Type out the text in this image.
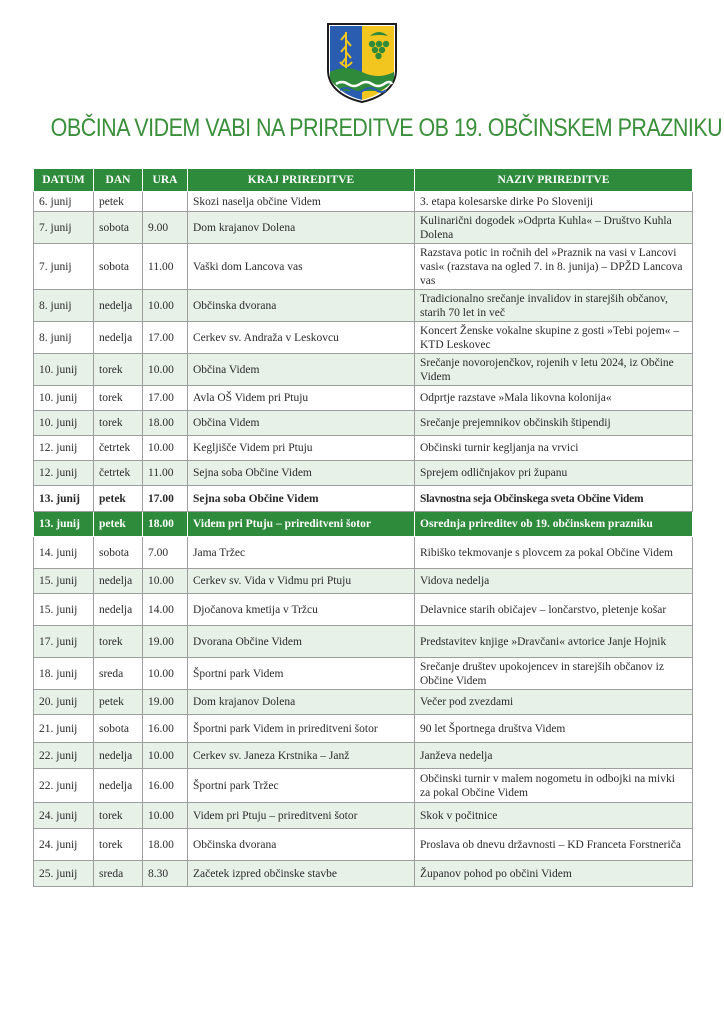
OBČINA VIDEM VABI NA PRIREDITVE OB 19. OBČINSKEM PRAZNIKU
DATUM	DAN	URA	KRAJ PRIREDITVE	NAZIV PRIREDITVE
6. junij	petek		Skozi naselja občine Videm	3. etapa kolesarske dirke Po Sloveniji
7. junij	sobota	9.00	Dom krajanov Dolena	Kulinarični dogodek »Odprta Kuhla« – Društvo Kuhla Dolena
7. junij	sobota	11.00	Vaški dom Lancova vas	Razstava potic in ročnih del »Praznik na vasi v Lancovi vasi« (razstava na ogled 7. in 8. junija) – DPŽD Lancova vas
8. junij	nedelja	10.00	Občinska dvorana	Tradicionalno srečanje invalidov in starejših občanov, starih 70 let in več
8. junij	nedelja	17.00	Cerkev sv. Andraža v Leskovcu	Koncert Ženske vokalne skupine z gosti »Tebi pojem« – KTD Leskovec
10. junij	torek	10.00	Občina Videm	Srečanje novorojenčkov, rojenih v letu 2024, iz Občine Videm
10. junij	torek	17.00	Avla OŠ Videm pri Ptuju	Odprtje razstave »Mala likovna kolonija«
10. junij	torek	18.00	Občina Videm	Srečanje prejemnikov občinskih štipendij
12. junij	četrtek	10.00	Kegljišče Videm pri Ptuju	Občinski turnir kegljanja na vrvici
12. junij	četrtek	11.00	Sejna soba Občine Videm	Sprejem odličnjakov pri županu
13. junij	petek	17.00	Sejna soba Občine Videm	Slavnostna seja Občinskega sveta Občine Videm
13. junij	petek	18.00	Videm pri Ptuju – prireditveni šotor	Osrednja prireditev ob 19. občinskem prazniku
14. junij	sobota	7.00	Jama Tržec	Ribiško tekmovanje s plovcem za pokal Občine Videm
15. junij	nedelja	10.00	Cerkev sv. Vida v Vidmu pri Ptuju	Vidova nedelja
15. junij	nedelja	14.00	Djočanova kmetija v Tržcu	Delavnice starih običajev – lončarstvo, pletenje košar
17. junij	torek	19.00	Dvorana Občine Videm	Predstavitev knjige »Dravčani« avtorice Janje Hojnik
18. junij	sreda	10.00	Športni park Videm	Srečanje društev upokojencev in starejših občanov iz Občine Videm
20. junij	petek	19.00	Dom krajanov Dolena	Večer pod zvezdami
21. junij	sobota	16.00	Športni park Videm in prireditveni šotor	90 let Športnega društva Videm
22. junij	nedelja	10.00	Cerkev sv. Janeza Krstnika – Janž	Janževa nedelja
22. junij	nedelja	16.00	Športni park Tržec	Občinski turnir v malem nogometu in odbojki na mivki za pokal Občine Videm
24. junij	torek	10.00	Videm pri Ptuju – prireditveni šotor	Skok v počitnice
24. junij	torek	18.00	Občinska dvorana	Proslava ob dnevu državnosti – KD Franceta Forstneriča
25. junij	sreda	8.30	Začetek izpred občinske stavbe	Županov pohod po občini Videm
